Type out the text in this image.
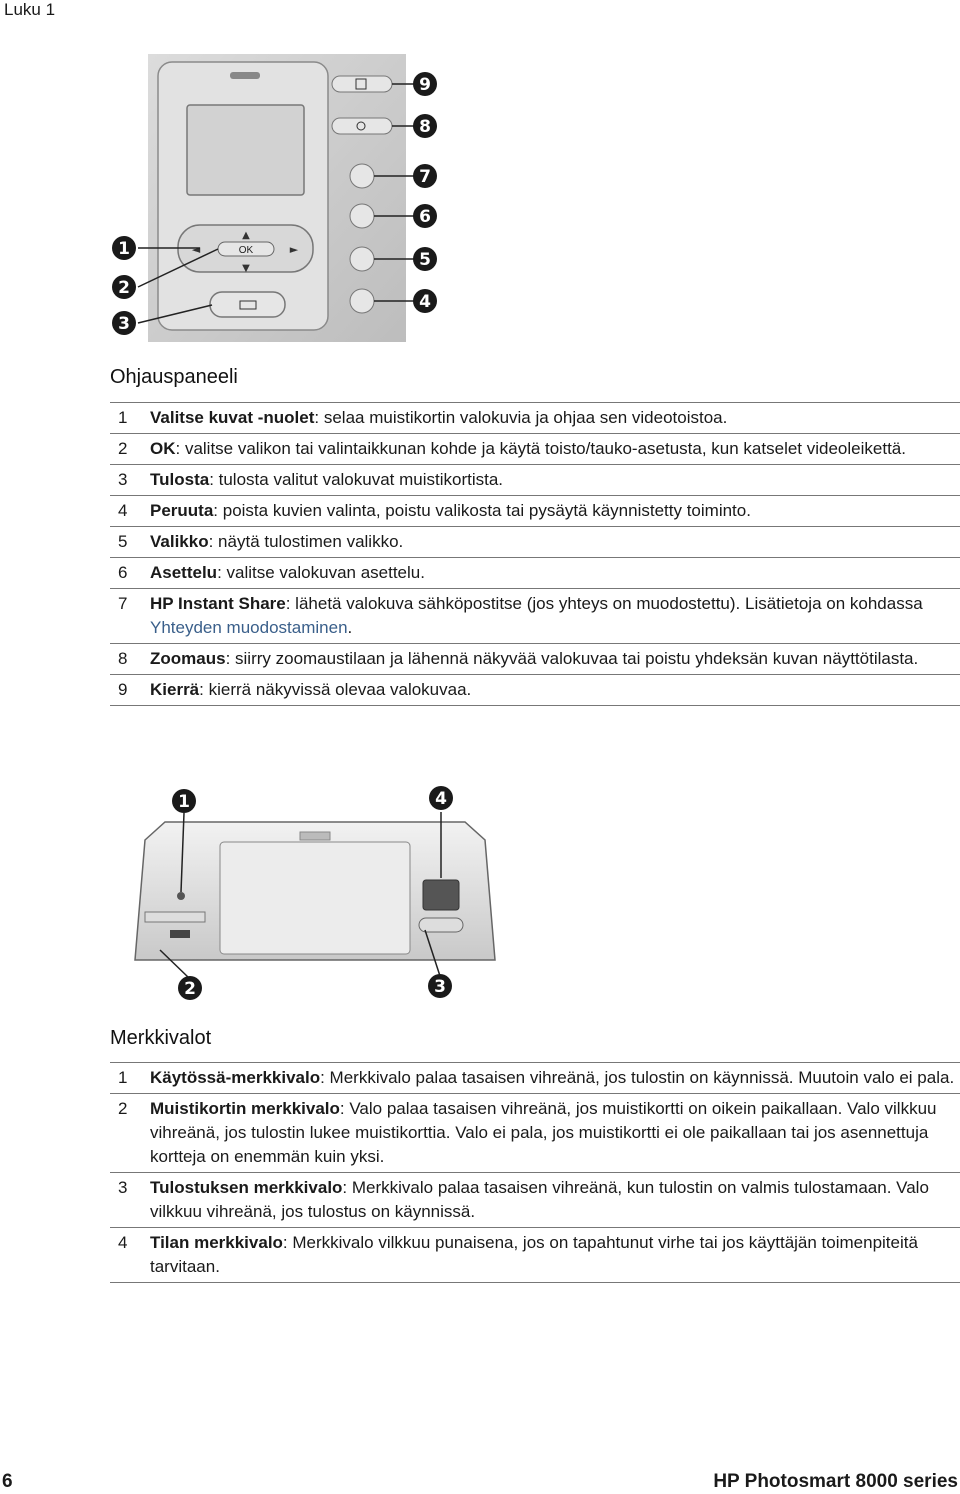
Luku 1
▲
▼
◄	►
OK
9
8
7
6
5
4
1
2
3
Ohjauspaneeli
1	Valitse kuvat -nuolet: selaa muistikortin valokuvia ja ohjaa sen videotoistoa.
2	OK: valitse valikon tai valintaikkunan kohde ja käytä toisto/tauko-asetusta, kun katselet videoleikettä.
3	Tulosta: tulosta valitut valokuvat muistikortista.
4	Peruuta: poista kuvien valinta, poistu valikosta tai pysäytä käynnistetty toiminto.
5	Valikko: näytä tulostimen valikko.
6	Asettelu: valitse valokuvan asettelu.
7	HP Instant Share: lähetä valokuva sähköpostitse (jos yhteys on muodostettu). Lisätietoja on kohdassa Yhteyden muodostaminen.
8	Zoomaus: siirry zoomaustilaan ja lähennä näkyvää valokuvaa tai poistu yhdeksän kuvan näyttötilasta.
9	Kierrä: kierrä näkyvissä olevaa valokuvaa.
1	4
2	3
Merkkivalot
1	Käytössä-merkkivalo: Merkkivalo palaa tasaisen vihreänä, jos tulostin on käynnissä. Muutoin valo ei pala.
2	Muistikortin merkkivalo: Valo palaa tasaisen vihreänä, jos muistikortti on oikein paikallaan. Valo vilkkuu vihreänä, jos tulostin lukee muistikorttia. Valo ei pala, jos muistikortti ei ole paikallaan tai jos asennettuja kortteja on enemmän kuin yksi.
3	Tulostuksen merkkivalo: Merkkivalo palaa tasaisen vihreänä, kun tulostin on valmis tulostamaan. Valo vilkkuu vihreänä, jos tulostus on käynnissä.
4	Tilan merkkivalo: Merkkivalo vilkkuu punaisena, jos on tapahtunut virhe tai jos käyttäjän toimenpiteitä tarvitaan.
6	HP Photosmart 8000 series
